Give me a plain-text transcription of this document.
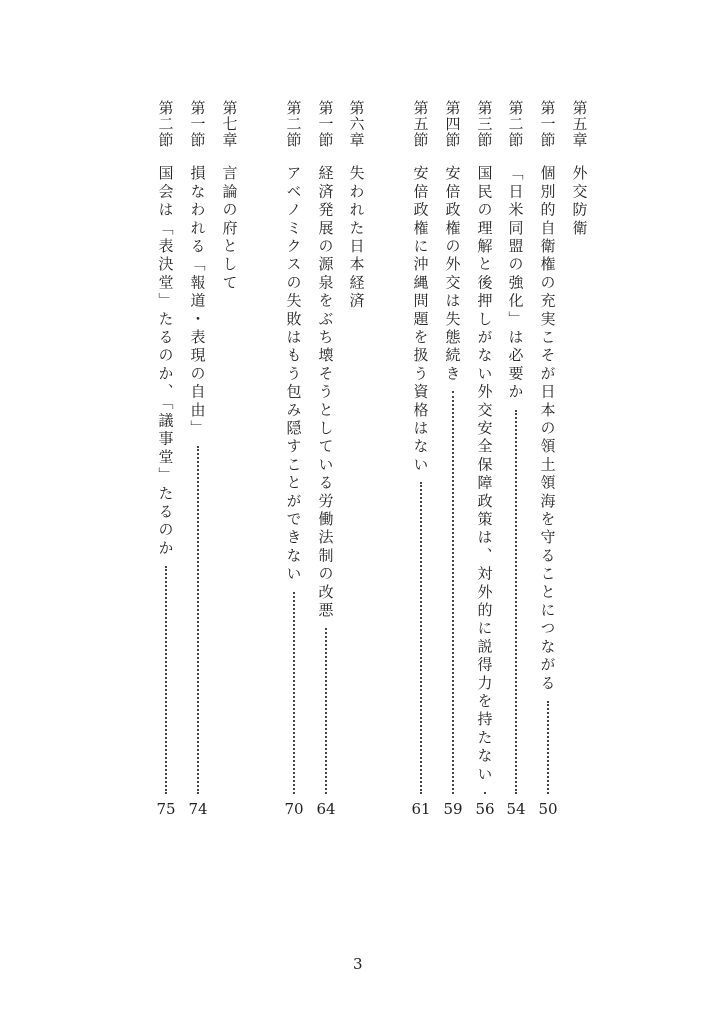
第五章
外交防衛
第一節
個別的自衛権の充実こそが日本の領土領海を守ることにつながる
50
第二節
「日米同盟の強化」は必要か
54
第三節
国民の理解と後押しがない外交安全保障政策は、対外的に説得力を持たない
56
第四節
安倍政権の外交は失態続き
59
第五節
安倍政権に沖縄問題を扱う資格はない
61
第六章
失われた日本経済
第一節
経済発展の源泉をぶち壊そうとしている労働法制の改悪
64
第二節
アベノミクスの失敗はもう包み隠すことができない
70
第七章
言論の府として
第一節
損なわれる「報道・表現の自由」
74
第二節
国会は「表決堂」たるのか、「議事堂」たるのか
75
3
